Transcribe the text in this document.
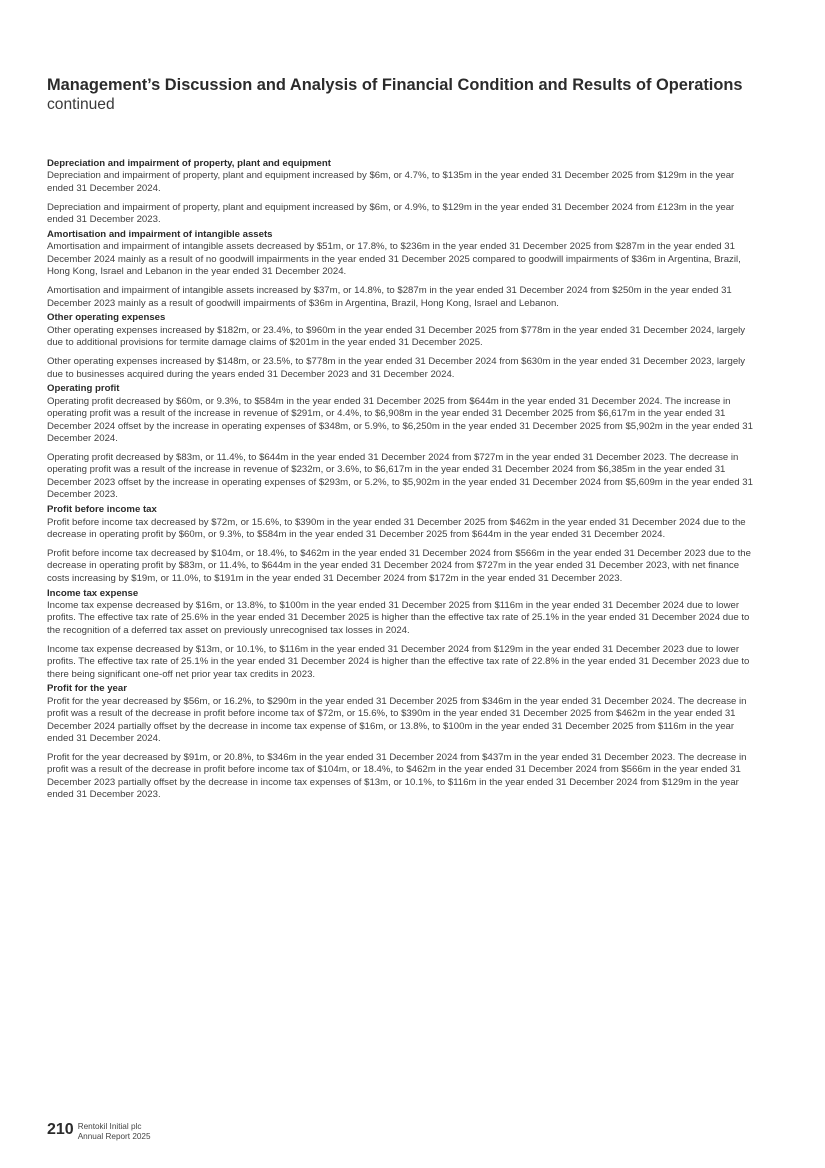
Management’s Discussion and Analysis of Financial Condition and Results of Operations
continued
Depreciation and impairment of property, plant and equipment

Depreciation and impairment of property, plant and equipment increased by $6m, or 4.7%, to $135m in the year ended 31 December 2025 from $129m in the year ended 31 December 2024.

Depreciation and impairment of property, plant and equipment increased by $6m, or 4.9%, to $129m in the year ended 31 December 2024 from £123m in the year ended 31 December 2023.

Amortisation and impairment of intangible assets

Amortisation and impairment of intangible assets decreased by $51m, or 17.8%, to $236m in the year ended 31 December 2025 from $287m in the year ended 31 December 2024 mainly as a result of no goodwill impairments in the year ended 31 December 2025 compared to goodwill impairments of $36m in Argentina, Brazil, Hong Kong, Israel and Lebanon in the year ended 31 December 2024.

Amortisation and impairment of intangible assets increased by $37m, or 14.8%, to $287m in the year ended 31 December 2024 from $250m in the year ended 31 December 2023 mainly as a result of goodwill impairments of $36m in Argentina, Brazil, Hong Kong, Israel and Lebanon.

Other operating expenses

Other operating expenses increased by $182m, or 23.4%, to $960m in the year ended 31 December 2025 from $778m in the year ended 31 December 2024, largely due to additional provisions for termite damage claims of $201m in the year ended 31 December 2025.

Other operating expenses increased by $148m, or 23.5%, to $778m in the year ended 31 December 2024 from $630m in the year ended 31 December 2023, largely due to businesses acquired during the years ended 31 December 2023 and 31 December 2024.

Operating profit

Operating profit decreased by $60m, or 9.3%, to $584m in the year ended 31 December 2025 from $644m in the year ended 31 December 2024. The increase in operating profit was a result of the increase in revenue of $291m, or 4.4%, to $6,908m in the year ended 31 December 2025 from $6,617m in the year ended 31 December 2024 offset by the increase in operating expenses of $348m, or 5.9%, to $6,250m in the year ended 31 December 2025 from $5,902m in the year ended 31 December 2024.

Operating profit decreased by $83m, or 11.4%, to $644m in the year ended 31 December 2024 from $727m in the year ended 31 December 2023. The decrease in operating profit was a result of the increase in revenue of $232m, or 3.6%, to $6,617m in the year ended 31 December 2024 from $6,385m in the year ended 31 December 2023 offset by the increase in operating expenses of $293m, or 5.2%, to $5,902m in the year ended 31 December 2024 from $5,609m in the year ended 31 December 2023.

Profit before income tax

Profit before income tax decreased by $72m, or 15.6%, to $390m in the year ended 31 December 2025 from $462m in the year ended 31 December 2024 due to the decrease in operating profit by $60m, or 9.3%, to $584m in the year ended 31 December 2025 from $644m in the year ended 31 December 2024.

Profit before income tax decreased by $104m, or 18.4%, to $462m in the year ended 31 December 2024 from $566m in the year ended 31 December 2023 due to the decrease in operating profit by $83m, or 11.4%, to $644m in the year ended 31 December 2024 from $727m in the year ended 31 December 2023, with net finance costs increasing by $19m, or 11.0%, to $191m in the year ended 31 December 2024 from $172m in the year ended 31 December 2023.

Income tax expense

Income tax expense decreased by $16m, or 13.8%, to $100m in the year ended 31 December 2025 from $116m in the year ended 31 December 2024 due to lower profits. The effective tax rate of 25.6% in the year ended 31 December 2025 is higher than the effective tax rate of 25.1% in the year ended 31 December 2024 due to the recognition of a deferred tax asset on previously unrecognised tax losses in 2024.

Income tax expense decreased by $13m, or 10.1%, to $116m in the year ended 31 December 2024 from $129m in the year ended 31 December 2023 due to lower profits. The effective tax rate of 25.1% in the year ended 31 December 2024 is higher than the effective tax rate of 22.8% in the year ended 31 December 2023 due to there being significant one-off net prior year tax credits in 2023.

Profit for the year

Profit for the year decreased by $56m, or 16.2%, to $290m in the year ended 31 December 2025 from $346m in the year ended 31 December 2024. The decrease in profit was a result of the decrease in profit before income tax of $72m, or 15.6%, to $390m in the year ended 31 December 2025 from $462m in the year ended 31 December 2024 partially offset by the decrease in income tax expense of $16m, or 13.8%, to $100m in the year ended 31 December 2025 from $116m in the year ended 31 December 2024.

Profit for the year decreased by $91m, or 20.8%, to $346m in the year ended 31 December 2024 from $437m in the year ended 31 December 2023. The decrease in profit was a result of the decrease in profit before income tax of $104m, or 18.4%, to $462m in the year ended 31 December 2024 from $566m in the year ended 31 December 2023 partially offset by the decrease in income tax expenses of $13m, or 10.1%, to $116m in the year ended 31 December 2024 from $129m in the year ended 31 December 2023.

210 Rentokil Initial plc
Annual Report 2025
